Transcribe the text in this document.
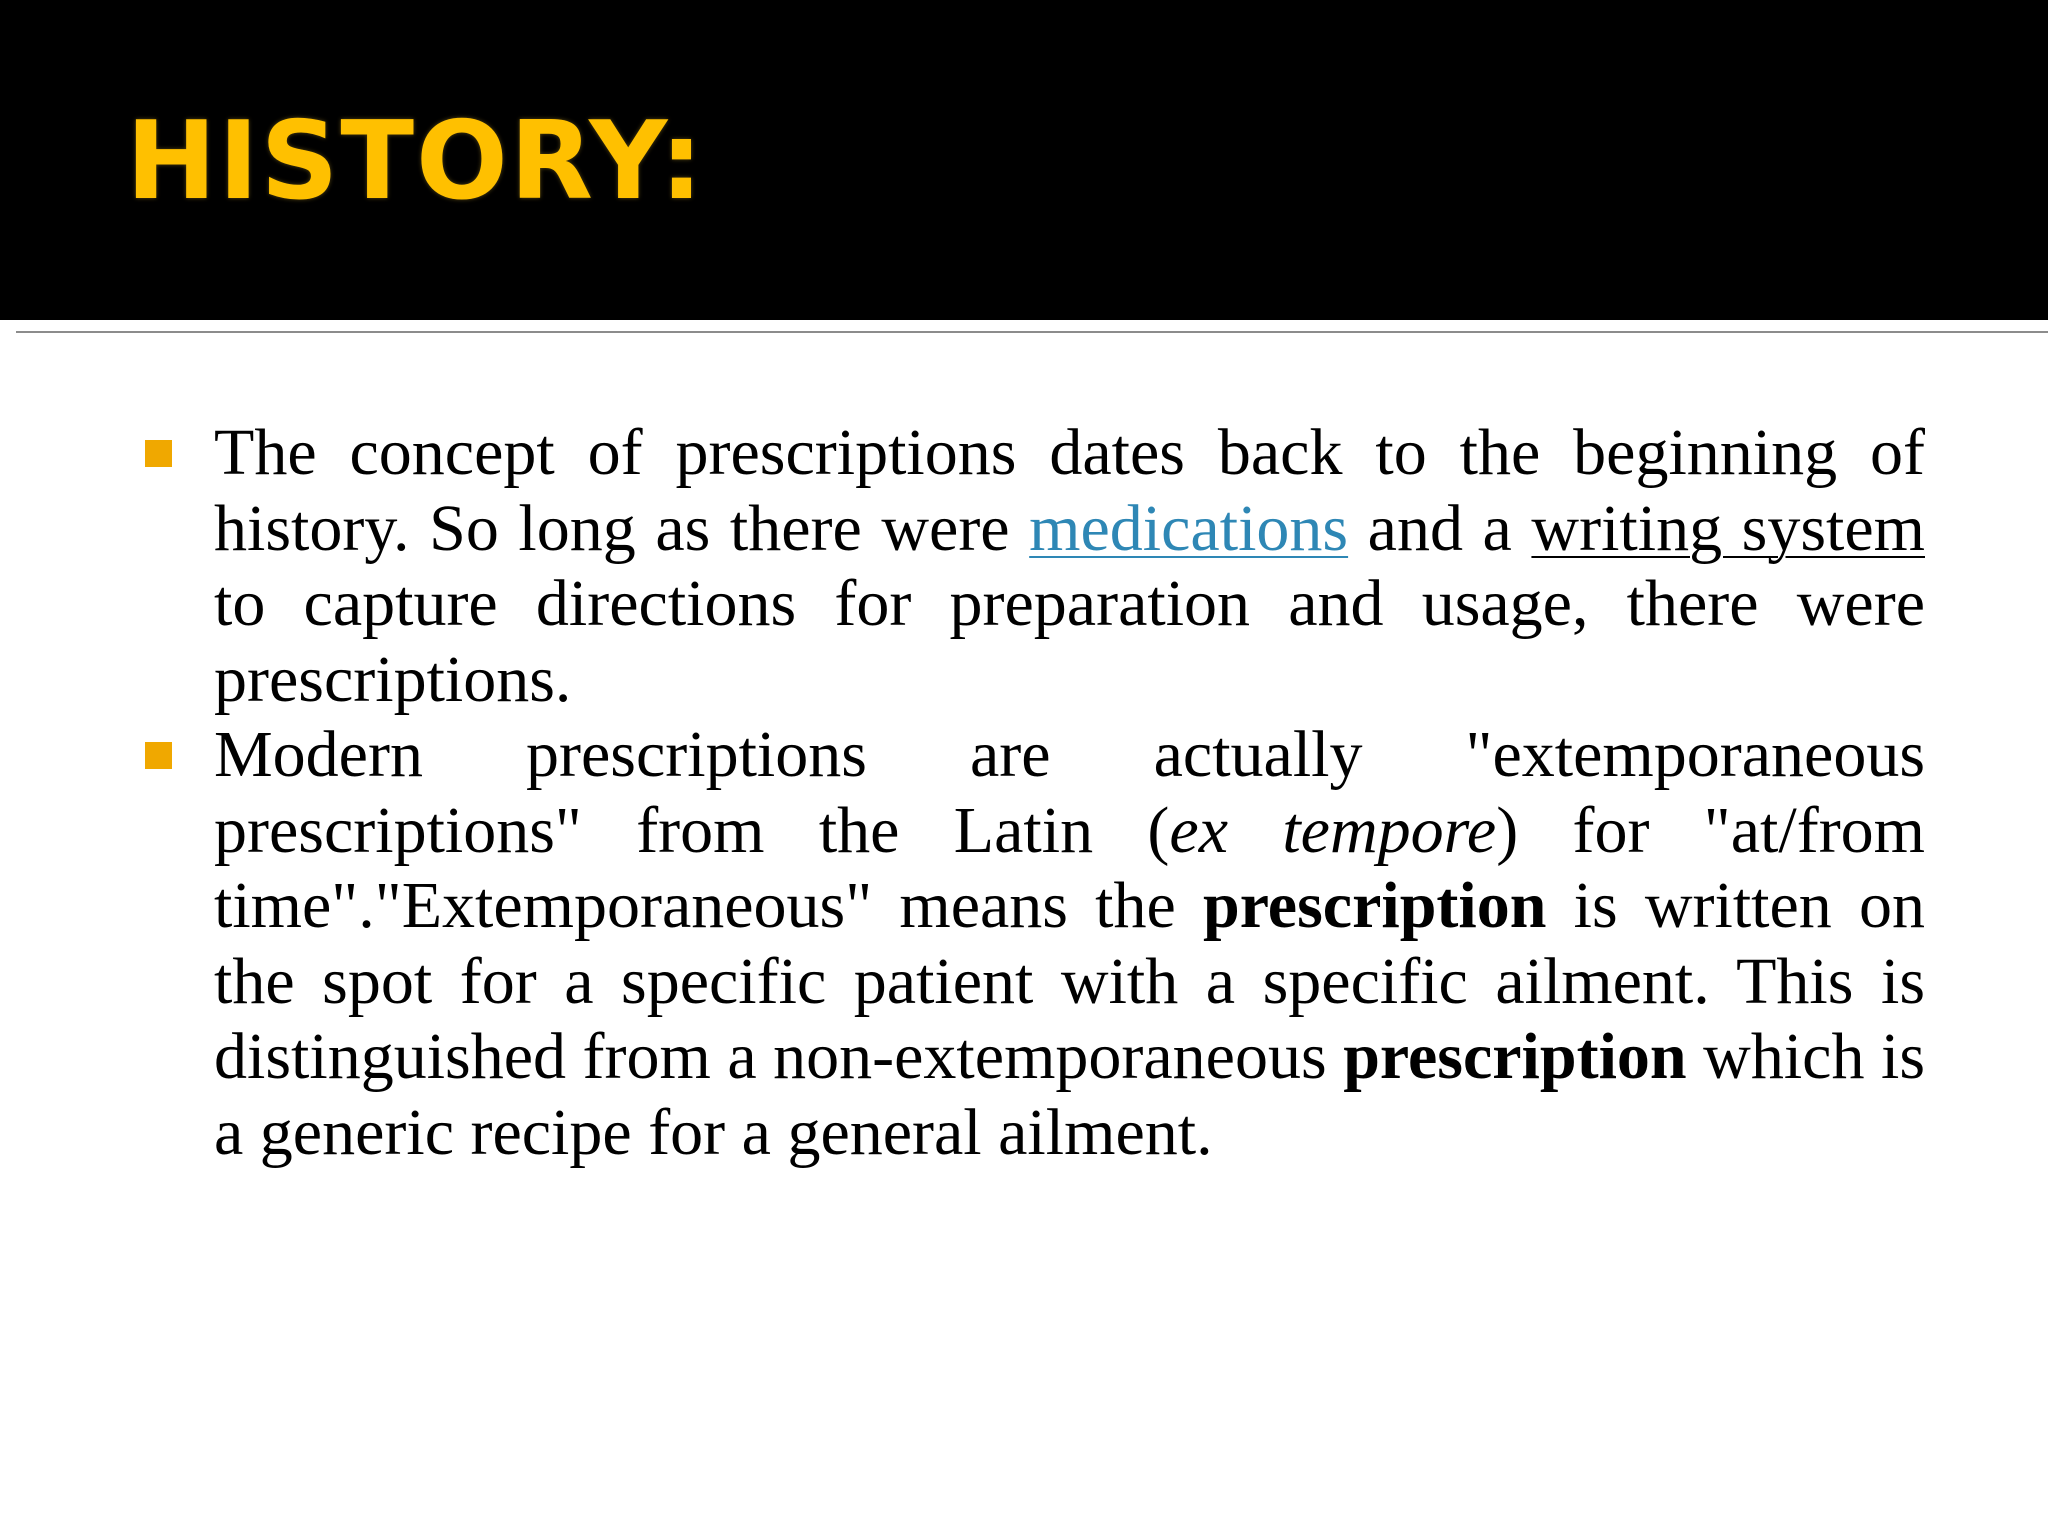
HISTORY:
The concept of prescriptions dates back to the beginning of history. So long as there were medications and a writing system to capture directions for preparation and usage, there were prescriptions.
Modern prescriptions are actually "extemporaneous prescriptions" from the Latin (ex tempore) for "at/from time"."Extemporaneous" means the prescription is written on the spot for a specific patient with a specific ailment. This is distinguished from a non-extemporaneous prescription which is a generic recipe for a general ailment.
